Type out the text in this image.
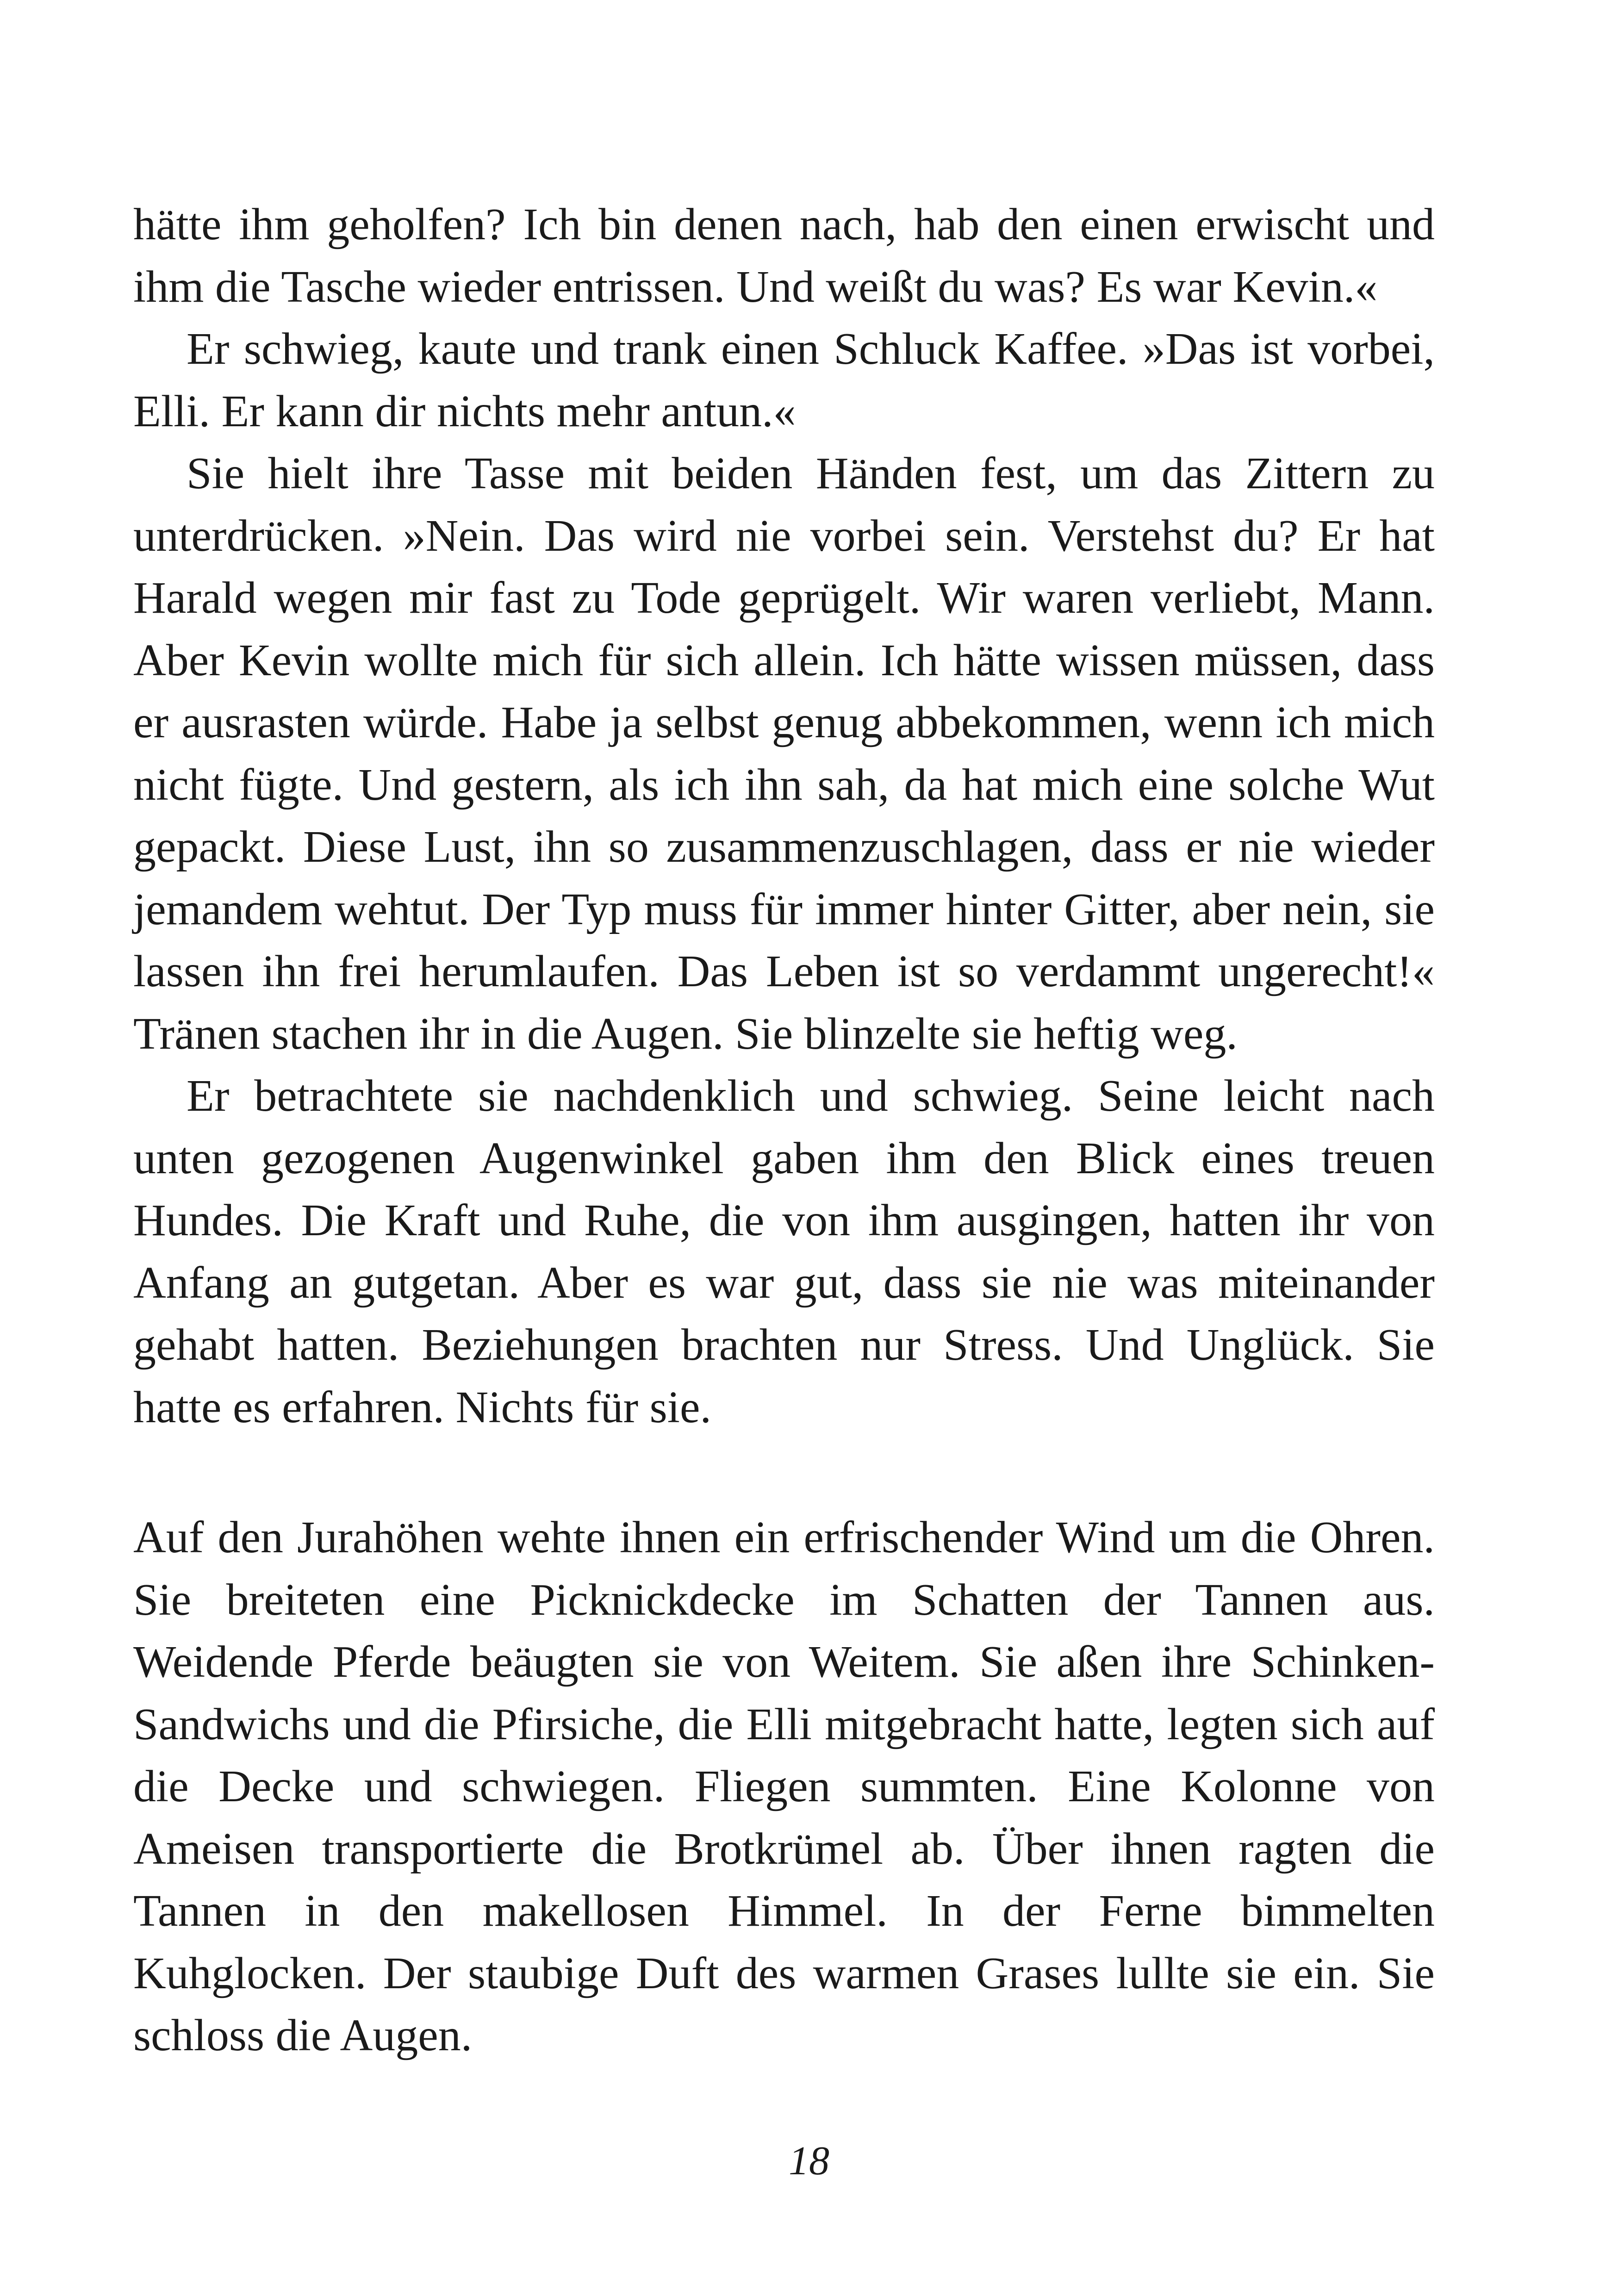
hätte ihm geholfen? Ich bin denen nach, hab den einen erwischt und ihm die Tasche wieder entrissen. Und weißt du was? Es war Kevin.«

Er schwieg, kaute und trank einen Schluck Kaffee. »Das ist vorbei, Elli. Er kann dir nichts mehr antun.«

Sie hielt ihre Tasse mit beiden Händen fest, um das Zittern zu unterdrücken. »Nein. Das wird nie vorbei sein. Verstehst du? Er hat Harald wegen mir fast zu Tode geprügelt. Wir waren verliebt, Mann. Aber Kevin wollte mich für sich allein. Ich hätte wissen müssen, dass er ausrasten würde. Habe ja selbst genug abbekommen, wenn ich mich nicht fügte. Und gestern, als ich ihn sah, da hat mich eine solche Wut gepackt. Diese Lust, ihn so zusammenzuschlagen, dass er nie wieder jemandem wehtut. Der Typ muss für immer hinter Gitter, aber nein, sie lassen ihn frei herumlaufen. Das Leben ist so verdammt ungerecht!« Tränen stachen ihr in die Augen. Sie blinzelte sie heftig weg.

Er betrachtete sie nachdenklich und schwieg. Seine leicht nach unten gezogenen Augenwinkel gaben ihm den Blick eines treuen Hundes. Die Kraft und Ruhe, die von ihm ausgingen, hatten ihr von Anfang an gutgetan. Aber es war gut, dass sie nie was miteinander gehabt hatten. Beziehungen brachten nur Stress. Und Unglück. Sie hatte es erfahren. Nichts für sie.

Auf den Jurahöhen wehte ihnen ein erfrischender Wind um die Ohren. Sie breiteten eine Picknickdecke im Schatten der Tannen aus. Weidende Pferde beäugten sie von Weitem. Sie aßen ihre Schinken-Sandwichs und die Pfirsiche, die Elli mitgebracht hatte, legten sich auf die Decke und schwiegen. Fliegen summten. Eine Kolonne von Ameisen transportierte die Brotkrümel ab. Über ihnen ragten die Tannen in den makellosen Himmel. In der Ferne bimmelten Kuhglocken. Der staubige Duft des warmen Grases lullte sie ein. Sie schloss die Augen.

18
